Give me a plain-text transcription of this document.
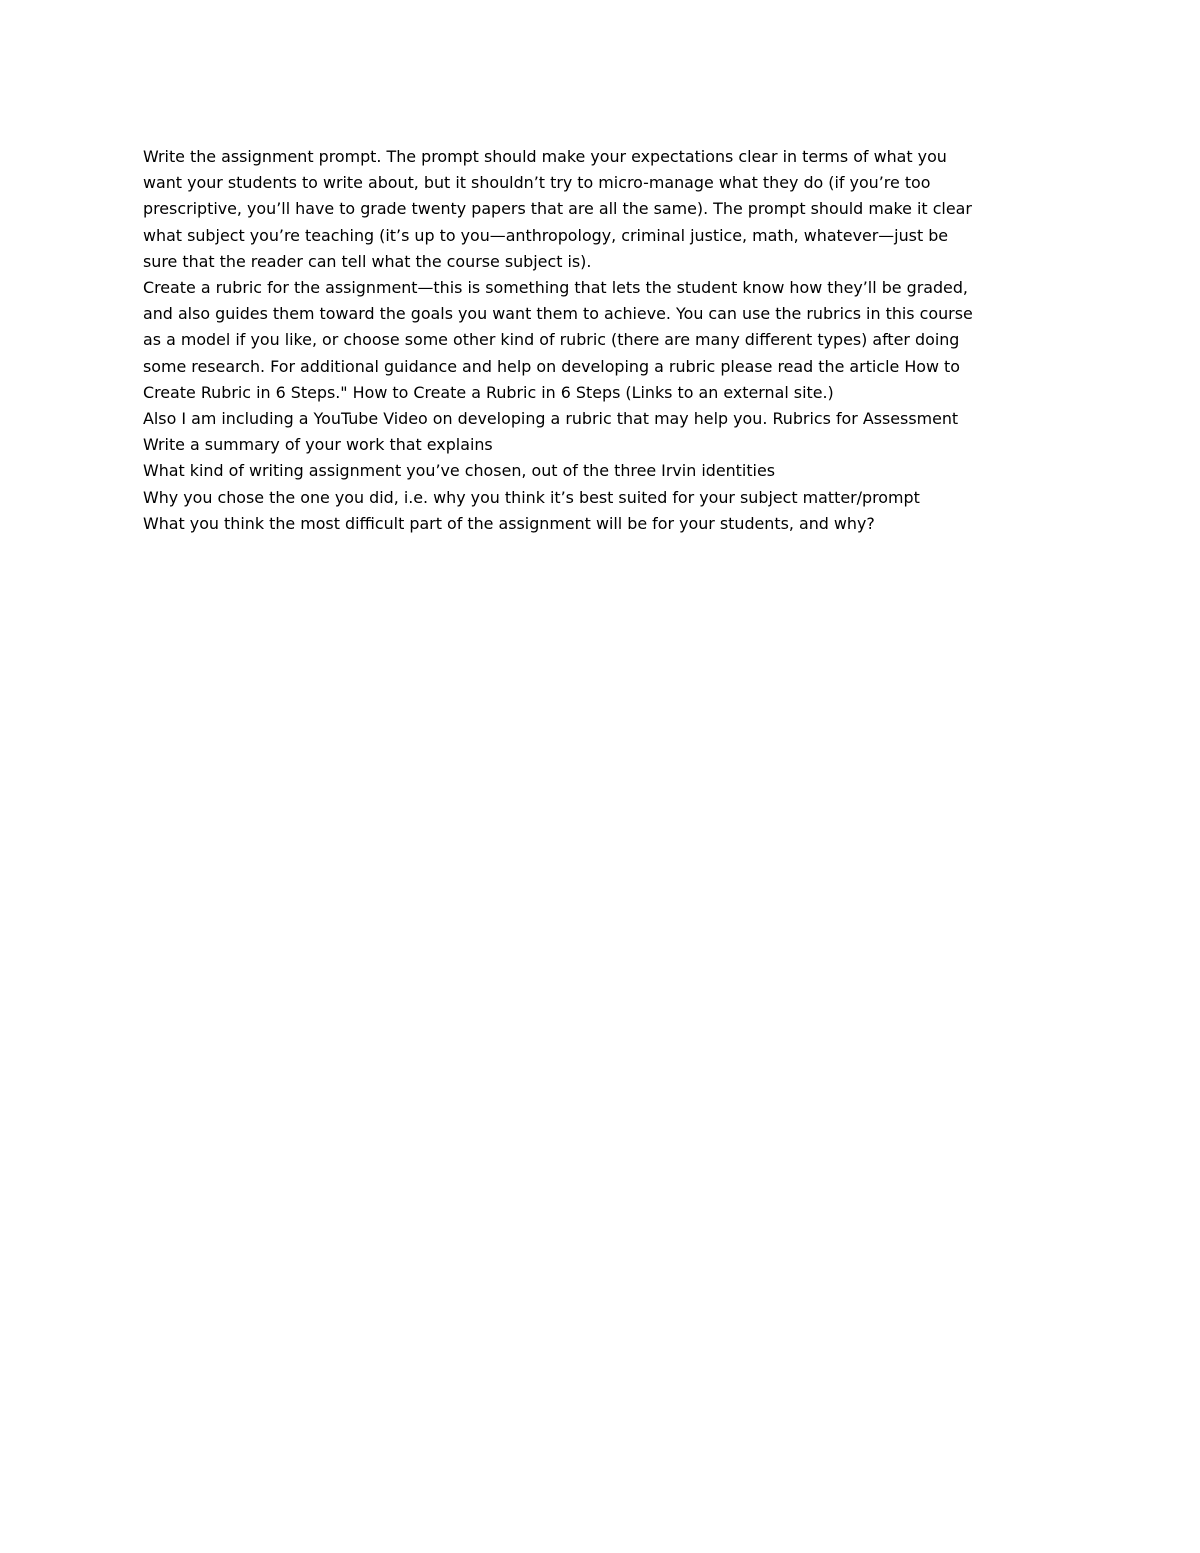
Write the assignment prompt. The prompt should make your expectations clear in terms of what you
want your students to write about, but it shouldn’t try to micro-manage what they do (if you’re too
prescriptive, you’ll have to grade twenty papers that are all the same). The prompt should make it clear
what subject you’re teaching (it’s up to you—anthropology, criminal justice, math, whatever—just be
sure that the reader can tell what the course subject is).

Create a rubric for the assignment—this is something that lets the student know how they’ll be graded,
and also guides them toward the goals you want them to achieve. You can use the rubrics in this course
as a model if you like, or choose some other kind of rubric (there are many different types) after doing
some research. For additional guidance and help on developing a rubric please read the article How to
Create Rubric in 6 Steps." How to Create a Rubric in 6 Steps (Links to an external site.)

Also I am including a YouTube Video on developing a rubric that may help you. Rubrics for Assessment

Write a summary of your work that explains

What kind of writing assignment you’ve chosen, out of the three Irvin identities

Why you chose the one you did, i.e. why you think it’s best suited for your subject matter/prompt

What you think the most difficult part of the assignment will be for your students, and why?
